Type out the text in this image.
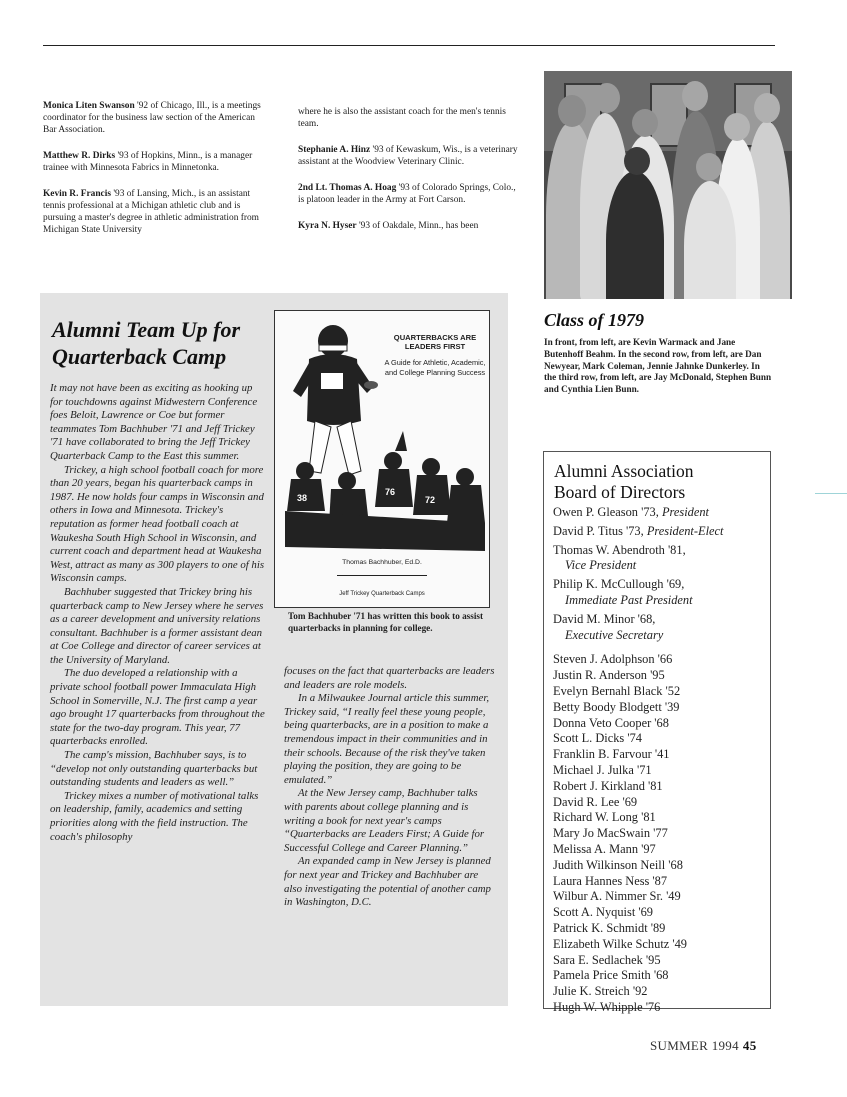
Monica Liten Swanson '92 of Chicago, Ill., is a meetings coordinator for the business law section of the American Bar Association.

Matthew R. Dirks '93 of Hopkins, Minn., is a manager trainee with Minnesota Fabrics in Minnetonka.

Kevin R. Francis '93 of Lansing, Mich., is an assistant tennis professional at a Michigan athletic club and is pursuing a master's degree in athletic administration from Michigan State University

where he is also the assistant coach for the men's tennis team.

Stephanie A. Hinz '93 of Kewaskum, Wis., is a veterinary assistant at the Woodview Veterinary Clinic.

2nd Lt. Thomas A. Hoag '93 of Colorado Springs, Colo., is platoon leader in the Army at Fort Carson.

Kyra N. Hyser '93 of Oakdale, Minn., has been

Class of 1979
In front, from left, are Kevin Warmack and Jane Butenhoff Beahm. In the second row, from left, are Dan Newyear, Mark Coleman, Jennie Jahnke Dunkerley. In the third row, from left, are Jay McDonald, Stephen Bunn and Cynthia Lien Bunn.
Alumni Team Up for Quarterback Camp

It may not have been as exciting as hooking up for touchdowns against Midwestern Conference foes Beloit, Lawrence or Coe but former teammates Tom Bachhuber '71 and Jeff Trickey '71 have collaborated to bring the Jeff Trickey Quarterback Camp to the East this summer.

Trickey, a high school football coach for more than 20 years, began his quarterback camps in 1987. He now holds four camps in Wisconsin and others in Iowa and Minnesota. Trickey's reputation as former head football coach at Waukesha South High School in Wisconsin, and current coach and department head at Waukesha West, attract as many as 300 players to one of his Wisconsin camps.

Bachhuber suggested that Trickey bring his quarterback camp to New Jersey where he serves as a career development and university relations consultant. Bachhuber is a former assistant dean at Coe College and director of career services at the University of Maryland.

The duo developed a relationship with a private school football power Immaculata High School in Somerville, N.J. The first camp a year ago brought 17 quarterbacks from throughout the state for the two-day program. This year, 77 quarterbacks enrolled.

The camp's mission, Bachhuber says, is to “develop not only outstanding quarterbacks but outstanding students and leaders as well.”

Trickey mixes a number of motivational talks on leadership, family, academics and setting priorities along with the field instruction. The coach's philosophy

focuses on the fact that quarterbacks are leaders and leaders are role models.

In a Milwaukee Journal article this summer, Trickey said, “I really feel these young people, being quarterbacks, are in a position to make a tremendous impact in their communities and in their schools. Because of the risk they've taken playing the position, they are going to be emulated.”

At the New Jersey camp, Bachhuber talks with parents about college planning and is writing a book for next year's camps “Quarterbacks are Leaders First; A Guide for Successful College and Career Planning.”

An expanded camp in New Jersey is planned for next year and Trickey and Bachhuber are also investigating the potential of another camp in Washington, D.C.

38
76
72
QUARTERBACKS ARE LEADERS FIRST
A Guide for Athletic, Academic, and College Planning Success
Thomas Bachhuber, Ed.D.
Jeff Trickey Quarterback Camps
Tom Bachhuber '71 has written this book to assist quarterbacks in planning for college.
Alumni Association
Board of Directors
Owen P. Gleason '73, President
David P. Titus '73, President-Elect
Thomas W. Abendroth '81,
Vice President
Philip K. McCullough '69,
Immediate Past President
David M. Minor '68,
Executive Secretary
Steven J. Adolphson '66
Justin R. Anderson '95
Evelyn Bernahl Black '52
Betty Boody Blodgett '39
Donna Veto Cooper '68
Scott L. Dicks '74
Franklin B. Farvour '41
Michael J. Julka '71
Robert J. Kirkland '81
David R. Lee '69
Richard W. Long '81
Mary Jo MacSwain '77
Melissa A. Mann '97
Judith Wilkinson Neill '68
Laura Hannes Ness '87
Wilbur A. Nimmer Sr. '49
Scott A. Nyquist '69
Patrick K. Schmidt '89
Elizabeth Wilke Schutz '49
Sara E. Sedlachek '95
Pamela Price Smith '68
Julie K. Streich '92
Hugh W. Whipple '76
SUMMER 1994 45
